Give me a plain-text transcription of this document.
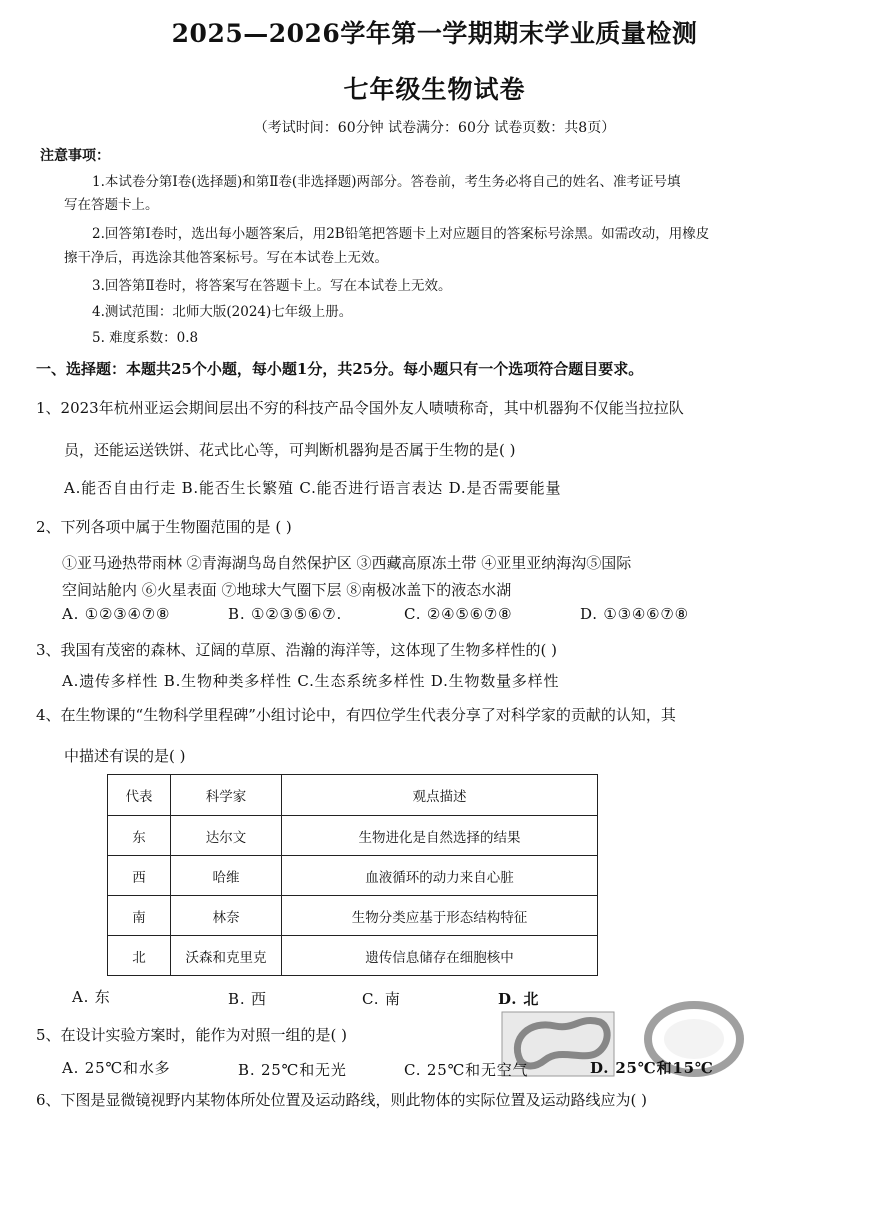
2025—2026学年第一学期期末学业质量检测
七年级生物试卷
（考试时间：60分钟 试卷满分：60分 试卷页数：共8页）
注意事项：
1.本试卷分第Ⅰ卷(选择题)和第Ⅱ卷(非选择题)两部分。答卷前，考生务必将自己的姓名、准考证号填
写在答题卡上。
2.回答第Ⅰ卷时，选出每小题答案后，用2B铅笔把答题卡上对应题目的答案标号涂黑。如需改动，用橡皮
擦干净后，再选涂其他答案标号。写在本试卷上无效。
3.回答第Ⅱ卷时，将答案写在答题卡上。写在本试卷上无效。
4.测试范围：北师大版(2024)七年级上册。
5. 难度系数：0.8
一、选择题：本题共25个小题，每小题1分，共25分。每小题只有一个选项符合题目要求。
1、2023年杭州亚运会期间层出不穷的科技产品令国外友人啧啧称奇，其中机器狗不仅能当拉拉队
员，还能运送铁饼、花式比心等，可判断机器狗是否属于生物的是( )
A.能否自由行走 B.能否生长繁殖 C.能否进行语言表达 D.是否需要能量
2、下列各项中属于生物圈范围的是 ( )
①亚马逊热带雨林 ②青海湖鸟岛自然保护区 ③西藏高原冻土带 ④亚里亚纳海沟⑤国际
空间站舱内 ⑥火星表面 ⑦地球大气圈下层 ⑧南极冰盖下的液态水湖
A. ①②③④⑦⑧	B. ①②③⑤⑥⑦.	C. ②④⑤⑥⑦⑧	D. ①③④⑥⑦⑧
3、我国有茂密的森林、辽阔的草原、浩瀚的海洋等，这体现了生物多样性的( )
A.遗传多样性 B.生物种类多样性 C.生态系统多样性 D.生物数量多样性
4、在生物课的“生物科学里程碑”小组讨论中，有四位学生代表分享了对科学家的贡献的认知，其
中描述有误的是( )
代表	科学家	观点描述
东	达尔文	生物进化是自然选择的结果
西	哈维	血液循环的动力来自心脏
南	林奈	生物分类应基于形态结构特征
北	沃森和克里克	遗传信息储存在细胞核中
A. 东	B. 西	C. 南	D. 北
5、在设计实验方案时，能作为对照一组的是( )
A. 25℃和水多	B. 25℃和无光	C. 25℃和无空气	D. 25℃和15℃
6、下图是显微镜视野内某物体所处位置及运动路线，则此物体的实际位置及运动路线应为( )
